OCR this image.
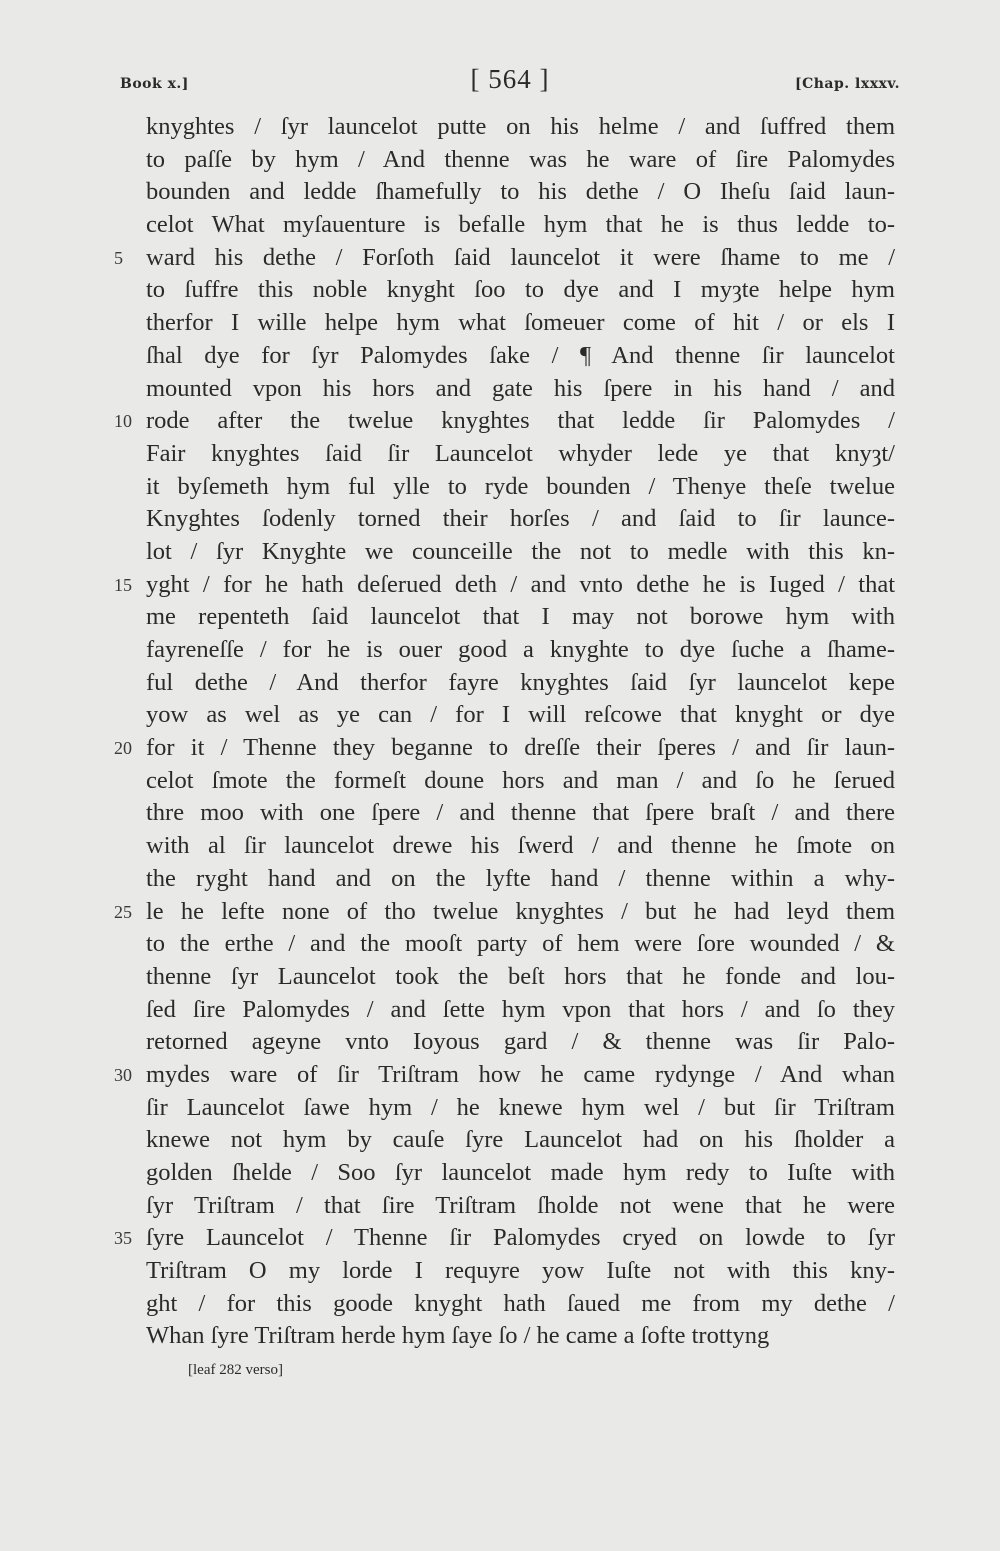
Book x.]	[ 564 ]	[Chap. lxxxv.
knyghtes / ſyr launcelot putte on his helme / and ſuffred them
to paſſe by hym / And thenne was he ware of ſire Palomydes
bounden and ledde ſhamefully to his dethe / O Iheſu ſaid laun-
celot What myſauenture is befalle hym that he is thus ledde to-
5 ward his dethe / Forſoth ſaid launcelot it were ſhame to me /
to ſuffre this noble knyght ſoo to dye and I myȝte helpe hym
therfor I wille helpe hym what ſomeuer come of hit / or els I
ſhal dye for ſyr Palomydes ſake / ¶ And thenne ſir launcelot
mounted vpon his hors and gate his ſpere in his hand / and
10 rode after the twelue knyghtes that ledde ſir Palomydes /
Fair knyghtes ſaid ſir Launcelot whyder lede ye that knyȝt/
it byſemeth hym ful ylle to ryde bounden / Thenye theſe twelue
Knyghtes ſodenly torned their horſes / and ſaid to ſir launce-
lot / ſyr Knyghte we counceille the not to medle with this kn-
15 yght / for he hath deſerued deth / and vnto dethe he is Iuged / that
me repenteth ſaid launcelot that I may not borowe hym with
fayreneſſe / for he is ouer good a knyghte to dye ſuche a ſhame-
ful dethe / And therfor fayre knyghtes ſaid ſyr launcelot kepe
yow as wel as ye can / for I will reſcowe that knyght or dye
20 for it / Thenne they beganne to dreſſe their ſperes / and ſir laun-
celot ſmote the formeſt doune hors and man / and ſo he ſerued
thre moo with one ſpere / and thenne that ſpere braſt / and there
with al ſir launcelot drewe his ſwerd / and thenne he ſmote on
the ryght hand and on the lyfte hand / thenne within a why-
25 le he lefte none of tho twelue knyghtes / but he had leyd them
to the erthe / and the mooſt party of hem were ſore wounded / &
thenne ſyr Launcelot took the beſt hors that he fonde and lou-
ſed ſire Palomydes / and ſette hym vpon that hors / and ſo they
retorned ageyne vnto Ioyous gard / & thenne was ſir Palo-
30 mydes ware of ſir Triſtram how he came rydynge / And whan
ſir Launcelot ſawe hym / he knewe hym wel / but ſir Triſtram
knewe not hym by cauſe ſyre Launcelot had on his ſholder a
golden ſhelde / Soo ſyr launcelot made hym redy to Iuſte with
ſyr Triſtram / that ſire Triſtram ſholde not wene that he were
35 ſyre Launcelot / Thenne ſir Palomydes cryed on lowde to ſyr
Triſtram O my lorde I requyre yow Iuſte not with this kny-
ght / for this goode knyght hath ſaued me from my dethe /
Whan ſyre Triſtram herde hym ſaye ſo / he came a ſofte trottyng
[leaf 282 verso]
